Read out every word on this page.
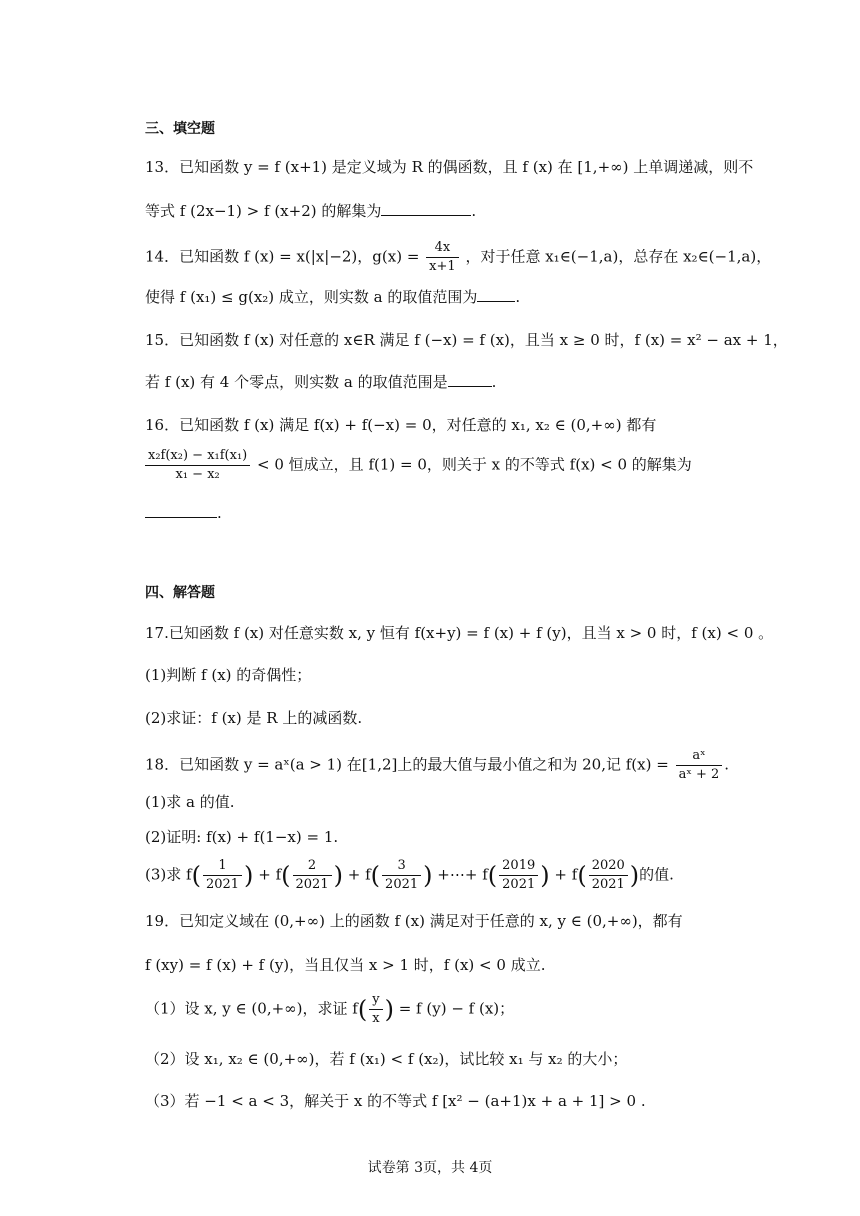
三、填空题
13．已知函数 y = f (x+1) 是定义域为 R 的偶函数，且 f (x) 在 [1,+∞) 上单调递减，则不
等式 f (2x−1) > f (x+2) 的解集为	.
14．已知函数 f (x) = x(|x|−2)，$g(x) = \frac{4x}{x+1}$ ，对于任意 x₁∈(−1,a)，总存在 x₂∈(−1,a)，
使得 f (x₁) ≤ g(x₂) 成立，则实数 a 的取值范围为	.
15．已知函数 f (x) 对任意的 x∈R 满足 f (−x) = f (x)，且当 x ≥ 0 时，f (x) = x² − ax + 1，
若 f (x) 有 4 个零点，则实数 a 的取值范围是	.
16．已知函数 f (x) 满足 f(x) + f(−x) = 0，对任意的 x₁, x₂ ∈ (0,+∞) 都有
$\frac{\text{x₂f(x₂) − x₁f(x₁)}}{\text{x₁ − x₂}} < 0$ 恒成立，且 f(1) = 0，则关于 x 的不等式 f(x) < 0 的解集为
.
四、解答题
17.已知函数 f (x) 对任意实数 x, y 恒有 f(x+y) = f (x) + f (y)，且当 x > 0 时，f (x) < 0 。
(1)判断 f (x) 的奇偶性；
(2)求证：f (x) 是 R 上的减函数.
18．已知函数 y = aˣ(a > 1) 在[1,2]上的最大值与最小值之和为 20,记 $f(x) = \frac{\text{aˣ}}{\text{aˣ + 2}}$ .
(1)求 a 的值.
(2)证明: f(x) + f(1−x) = 1.
(3)求 $f( \frac{1}{2021}$ ) + $f( \frac{2}{2021}$ ) + $f( \frac{3}{2021}$ ) +⋯+ $f( \frac{2019}{2021}$ ) + $f( \frac{2020}{2021}$ )的值.
19．已知定义域在 (0,+∞) 上的函数 f (x) 满足对于任意的 x, y ∈ (0,+∞)，都有
f (xy) = f (x) + f (y)，当且仅当 x > 1 时，f (x) < 0 成立.
（1）设 x, y ∈ (0,+∞)，求证 $f( \frac{y}{x}$ ) = f (y) − f (x)；
（2）设 x₁, x₂ ∈ (0,+∞)，若 f (x₁) < f (x₂)，试比较 x₁ 与 x₂ 的大小；
（3）若 −1 < a < 3，解关于 x 的不等式 f [x² − (a+1)x + a + 1] > 0 .
试卷第 3页，共 4页
